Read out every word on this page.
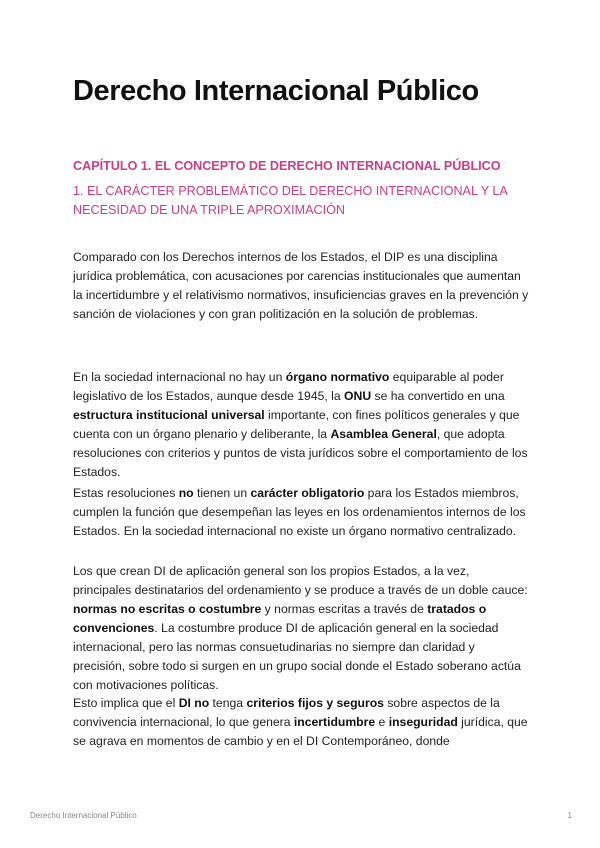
Derecho Internacional Público
CAPÍTULO 1. EL CONCEPTO DE DERECHO INTERNACIONAL PÚBLICO
1. EL CARÁCTER PROBLEMÁTICO DEL DERECHO INTERNACIONAL Y LA NECESIDAD DE UNA TRIPLE APROXIMACIÓN

Comparado con los Derechos internos de los Estados, el DIP es una disciplina jurídica problemática, con acusaciones por carencias institucionales que aumentan la incertidumbre y el relativismo normativos, insuficiencias graves en la prevención y sanción de violaciones y con gran politización en la solución de problemas.

En la sociedad internacional no hay un órgano normativo equiparable al poder legislativo de los Estados, aunque desde 1945, la ONU se ha convertido en una estructura institucional universal importante, con fines políticos generales y que cuenta con un órgano plenario y deliberante, la Asamblea General, que adopta resoluciones con criterios y puntos de vista jurídicos sobre el comportamiento de los Estados.

Estas resoluciones no tienen un carácter obligatorio para los Estados miembros, cumplen la función que desempeñan las leyes en los ordenamientos internos de los Estados. En la sociedad internacional no existe un órgano normativo centralizado.

Los que crean DI de aplicación general son los propios Estados, a la vez, principales destinatarios del ordenamiento y se produce a través de un doble cauce: normas no escritas o costumbre y normas escritas a través de tratados o convenciones. La costumbre produce DI de aplicación general en la sociedad internacional, pero las normas consuetudinarias no siempre dan claridad y precisión, sobre todo si surgen en un grupo social donde el Estado soberano actúa con motivaciones políticas.

Esto implica que el DI no tenga criterios fijos y seguros sobre aspectos de la convivencia internacional, lo que genera incertidumbre e inseguridad jurídica, que se agrava en momentos de cambio y en el DI Contemporáneo, donde

Derecho Internacional Público	1
